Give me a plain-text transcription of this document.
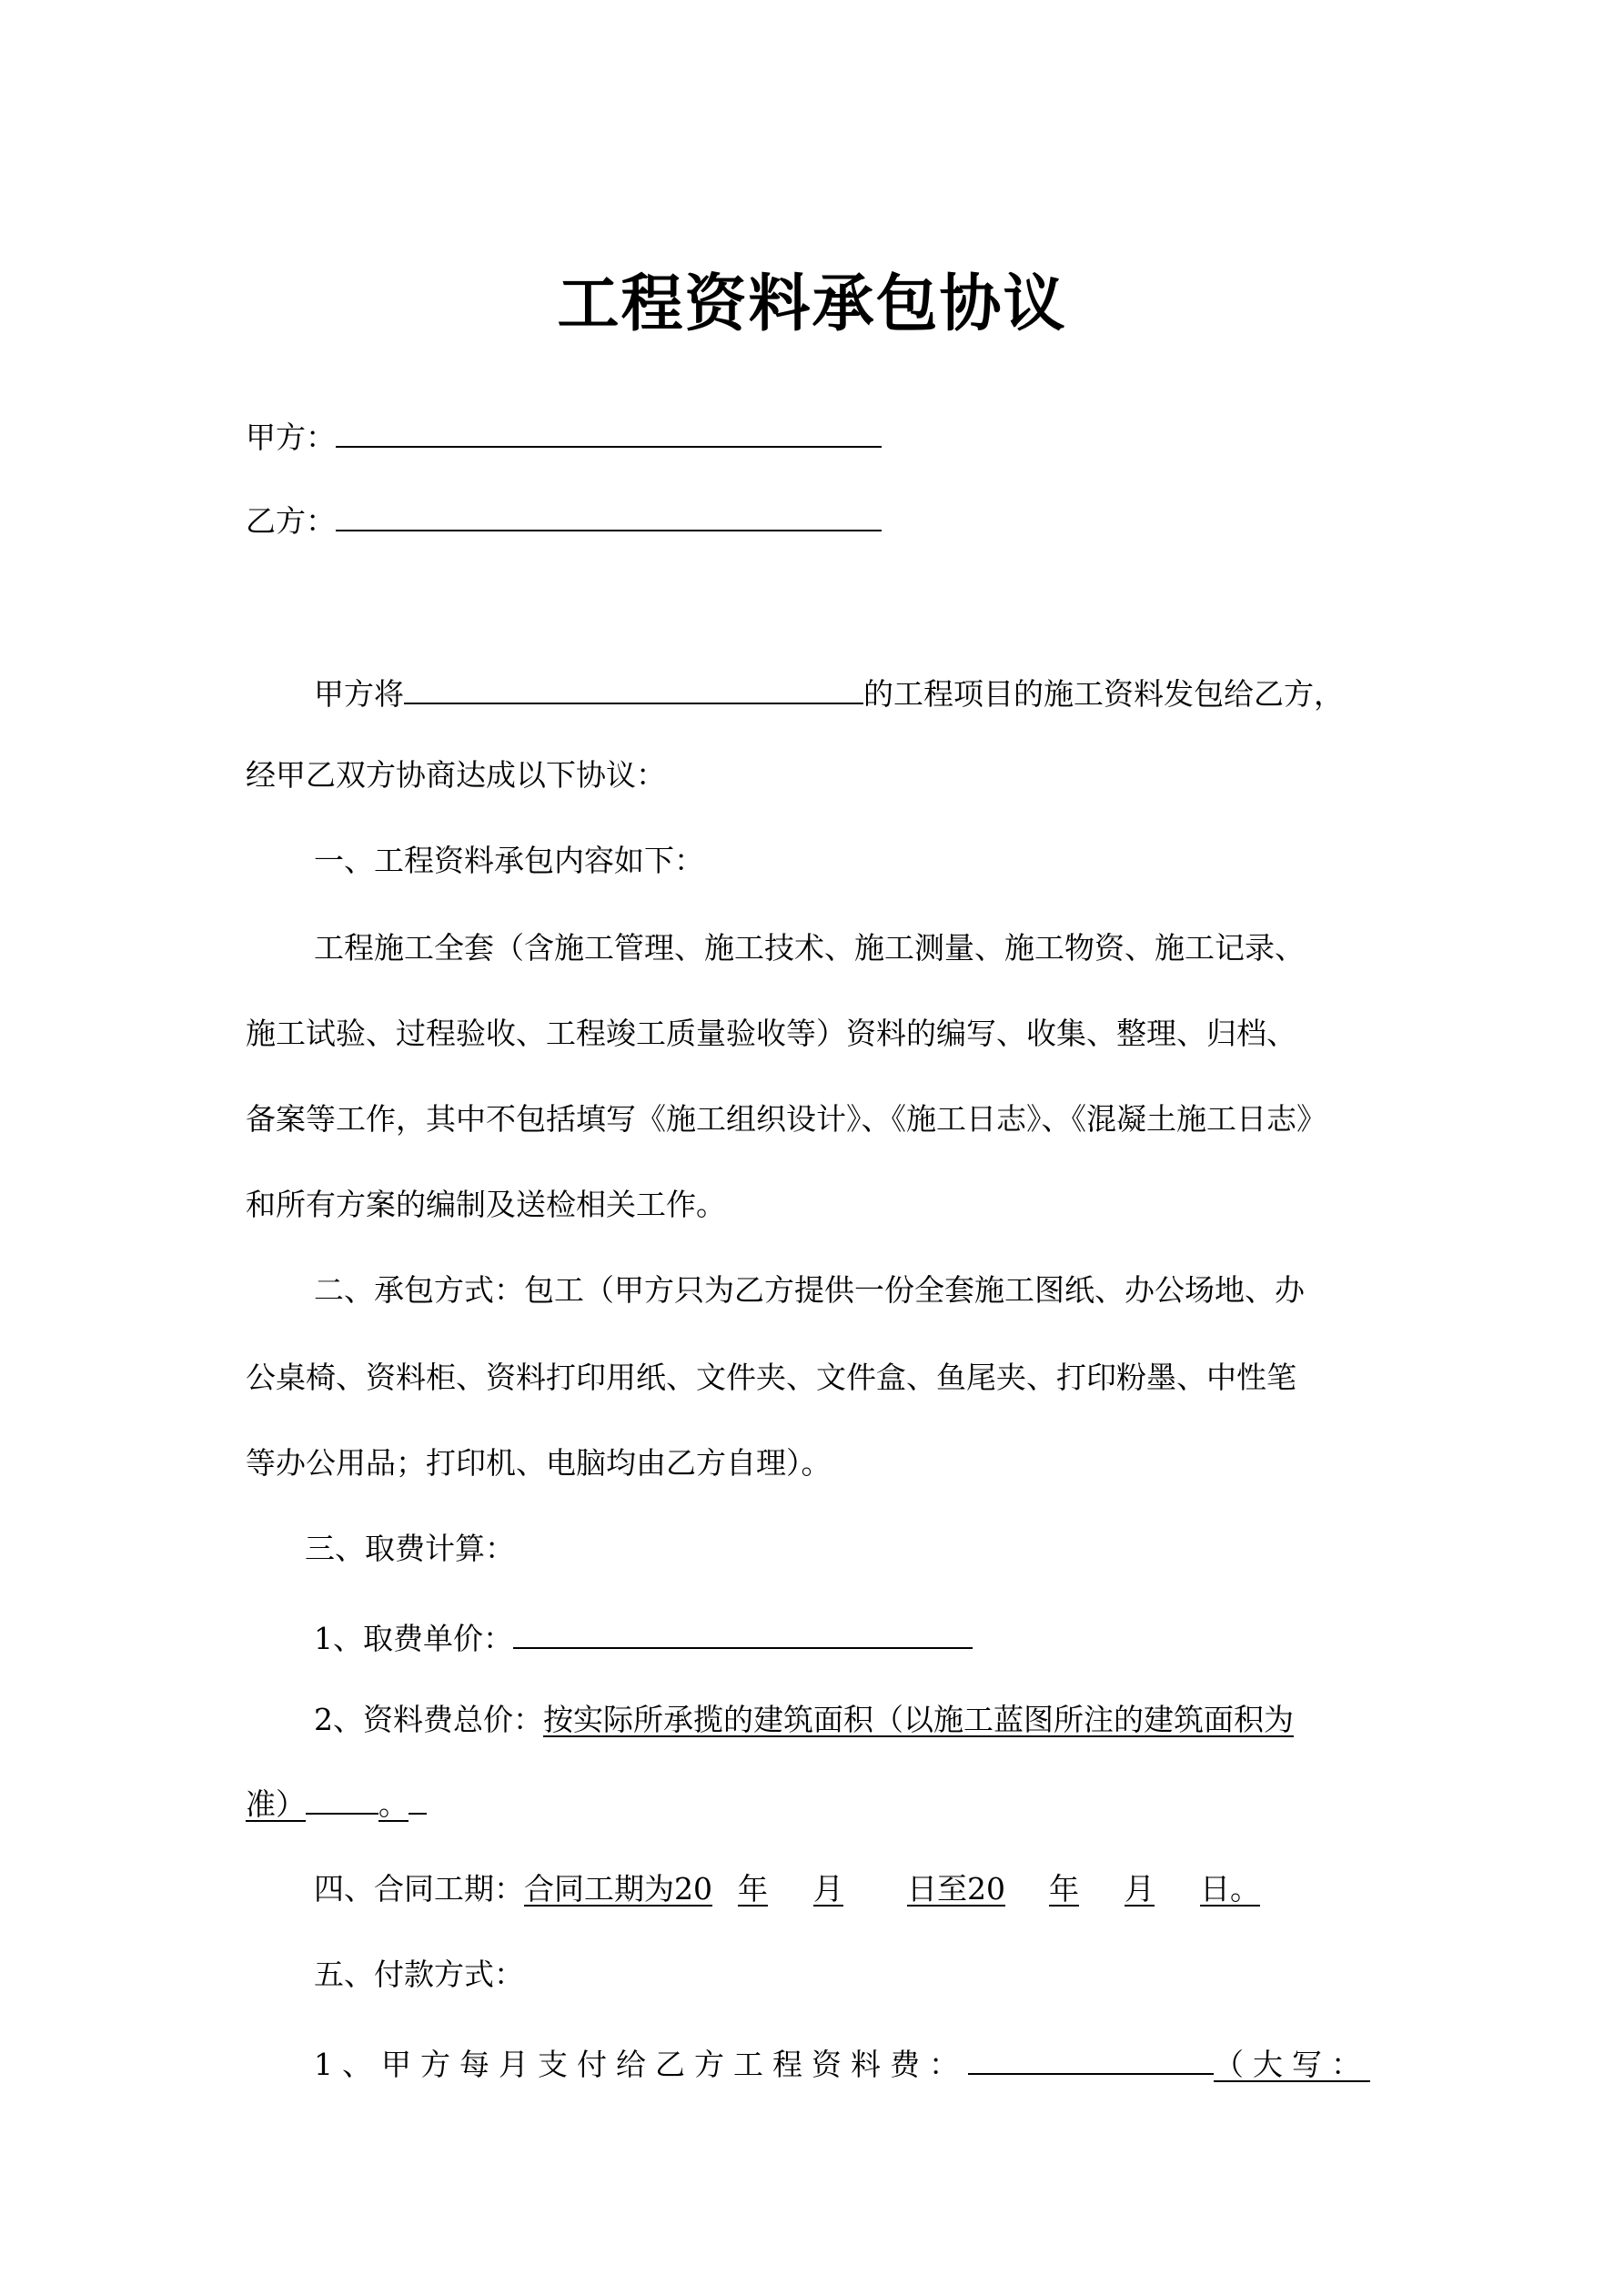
工程资料承包协议
甲方：
乙方：
甲方将	的工程项目的施工资料发包给乙方，
经甲乙双方协商达成以下协议：
一、工程资料承包内容如下：
工程施工全套（含施工管理、施工技术、施工测量、施工物资、施工记录、
施工试验、过程验收、工程竣工质量验收等）资料的编写、收集、整理、归档、
备案等工作，其中不包括填写《施工组织设计》、《施工日志》、《混凝土施工日志》
和所有方案的编制及送检相关工作。
二、承包方式：包工（甲方只为乙方提供一份全套施工图纸、办公场地、办
公桌椅、资料柜、资料打印用纸、文件夹、文件盒、鱼尾夹、打印粉墨、中性笔
等办公用品；打印机、电脑均由乙方自理）。
三、取费计算：
1、取费单价：
2、资料费总价：按实际所承揽的建筑面积（以施工蓝图所注的建筑面积为
准） 。
四、合同工期：合同工期为20 年 月 日至20 年 月 日。
五、付款方式：
1、甲方每月支付给乙方工程资料费：	（大写：
